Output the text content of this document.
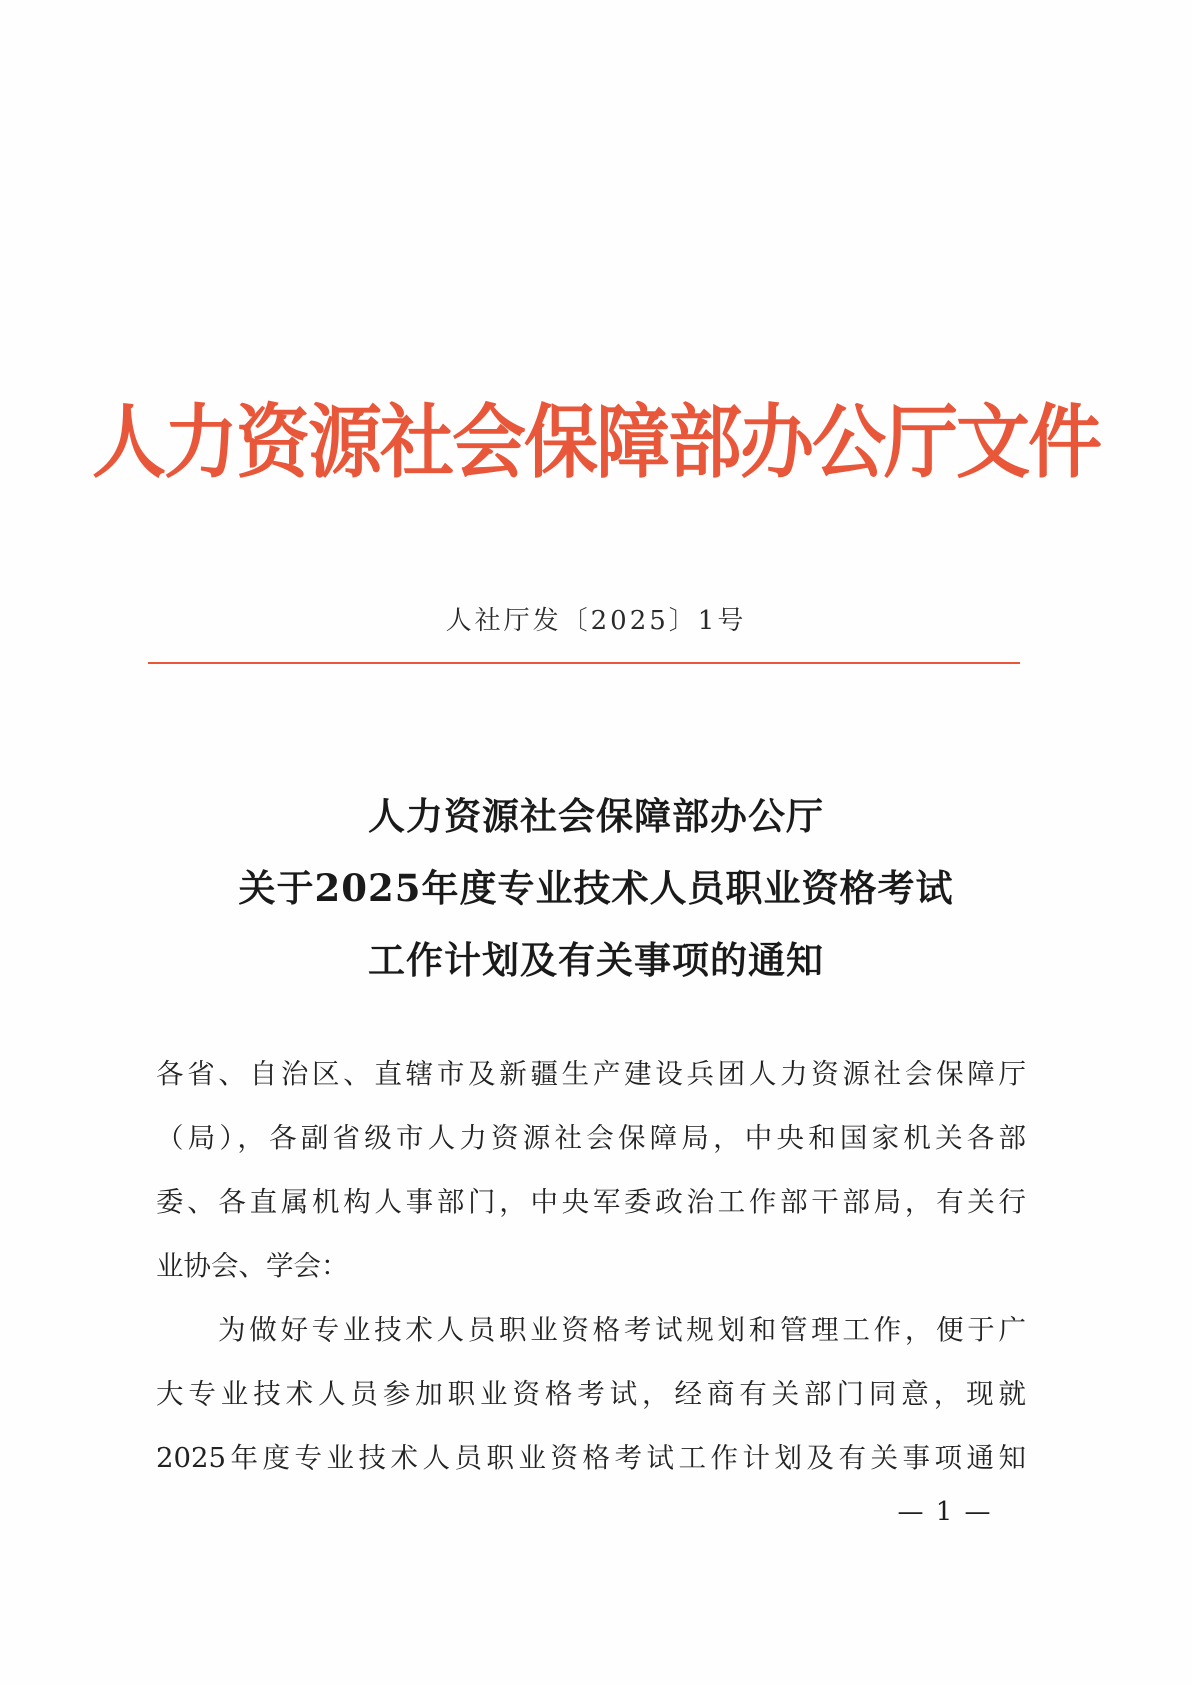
人力资源社会保障部办公厅文件
人社厅发〔2025〕1号
人力资源社会保障部办公厅
关于2025年度专业技术人员职业资格考试
工作计划及有关事项的通知
各省、自治区、直辖市及新疆生产建设兵团人力资源社会保障厅
（局），各副省级市人力资源社会保障局，中央和国家机关各部
委、各直属机构人事部门，中央军委政治工作部干部局，有关行
业协会、学会：
为做好专业技术人员职业资格考试规划和管理工作，便于广
大专业技术人员参加职业资格考试，经商有关部门同意，现就
2025年度专业技术人员职业资格考试工作计划及有关事项通知
— 1 —
